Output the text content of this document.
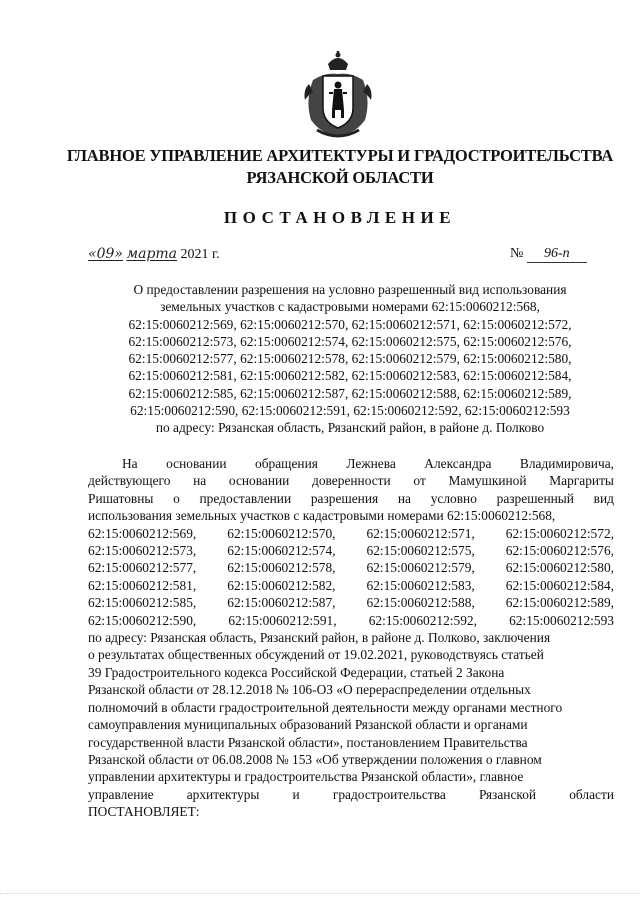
ГЛАВНОЕ УПРАВЛЕНИЕ АРХИТЕКТУРЫ И ГРАДОСТРОИТЕЛЬСТВА
РЯЗАНСКОЙ ОБЛАСТИ
ПОСТАНОВЛЕНИЕ
«09» марта 2021 г.	№ 96-п
О предоставлении разрешения на условно разрешенный вид использования
земельных участков с кадастровыми номерами 62:15:0060212:568,
62:15:0060212:569, 62:15:0060212:570, 62:15:0060212:571, 62:15:0060212:572,
62:15:0060212:573, 62:15:0060212:574, 62:15:0060212:575, 62:15:0060212:576,
62:15:0060212:577, 62:15:0060212:578, 62:15:0060212:579, 62:15:0060212:580,
62:15:0060212:581, 62:15:0060212:582, 62:15:0060212:583, 62:15:0060212:584,
62:15:0060212:585, 62:15:0060212:587, 62:15:0060212:588, 62:15:0060212:589,
62:15:0060212:590, 62:15:0060212:591, 62:15:0060212:592, 62:15:0060212:593
по адресу: Рязанская область, Рязанский район, в районе д. Полково
На основании обращения Лежнева Александра Владимировича,
действующего на основании доверенности от Мамушкиной Маргариты
Ришатовны о предоставлении разрешения на условно разрешенный вид
использования земельных участков с кадастровыми номерами 62:15:0060212:568,
62:15:0060212:569, 62:15:0060212:570, 62:15:0060212:571, 62:15:0060212:572,
62:15:0060212:573, 62:15:0060212:574, 62:15:0060212:575, 62:15:0060212:576,
62:15:0060212:577, 62:15:0060212:578, 62:15:0060212:579, 62:15:0060212:580,
62:15:0060212:581, 62:15:0060212:582, 62:15:0060212:583, 62:15:0060212:584,
62:15:0060212:585, 62:15:0060212:587, 62:15:0060212:588, 62:15:0060212:589,
62:15:0060212:590, 62:15:0060212:591, 62:15:0060212:592, 62:15:0060212:593
по адресу: Рязанская область, Рязанский район, в районе д. Полково, заключения
о результатах общественных обсуждений от 19.02.2021, руководствуясь статьей
39 Градостроительного кодекса Российской Федерации, статьей 2 Закона
Рязанской области от 28.12.2018 № 106-ОЗ «О перераспределении отдельных
полномочий в области градостроительной деятельности между органами местного
самоуправления муниципальных образований Рязанской области и органами
государственной власти Рязанской области», постановлением Правительства
Рязанской области от 06.08.2008 № 153 «Об утверждении положения о главном
управлении архитектуры и градостроительства Рязанской области», главное
управление архитектуры и градостроительства Рязанской области
ПОСТАНОВЛЯЕТ:
